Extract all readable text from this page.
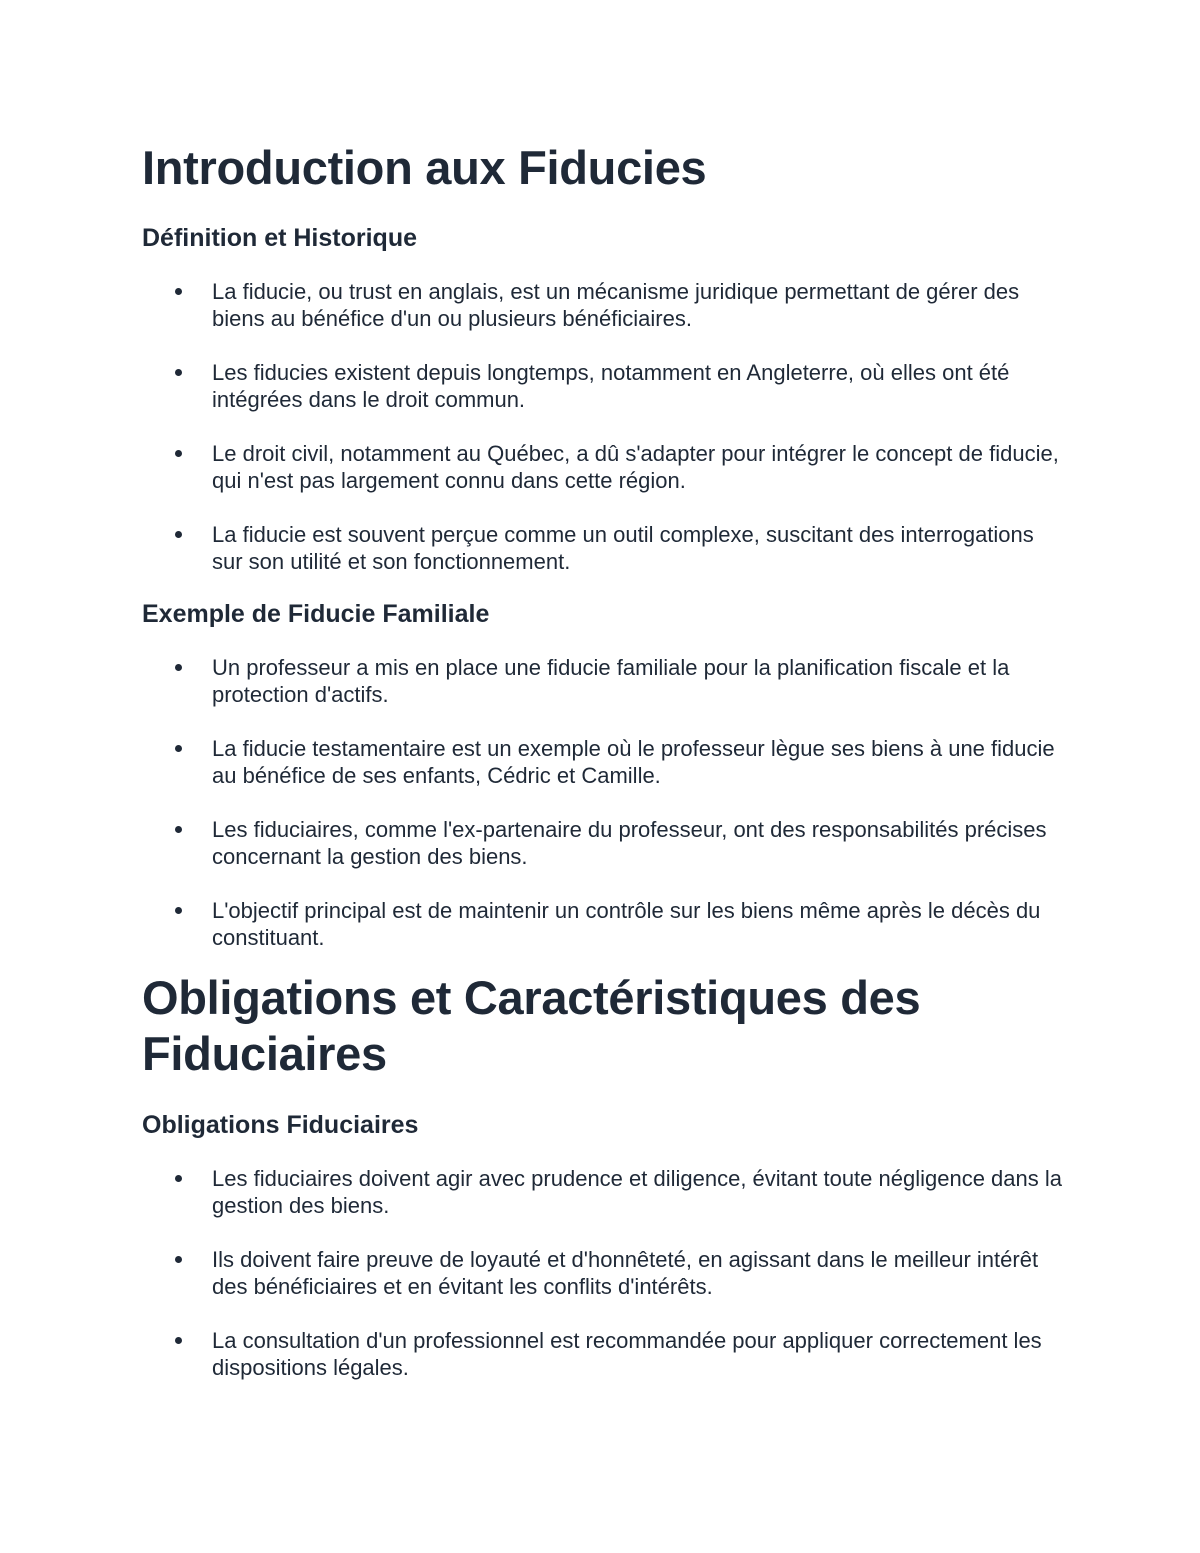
Introduction aux Fiducies
Définition et Historique
La fiducie, ou trust en anglais, est un mécanisme juridique permettant de gérer des biens au bénéfice d'un ou plusieurs bénéficiaires.
Les fiducies existent depuis longtemps, notamment en Angleterre, où elles ont été intégrées dans le droit commun.
Le droit civil, notamment au Québec, a dû s'adapter pour intégrer le concept de fiducie, qui n'est pas largement connu dans cette région.
La fiducie est souvent perçue comme un outil complexe, suscitant des interrogations sur son utilité et son fonctionnement.
Exemple de Fiducie Familiale
Un professeur a mis en place une fiducie familiale pour la planification fiscale et la protection d'actifs.
La fiducie testamentaire est un exemple où le professeur lègue ses biens à une fiducie au bénéfice de ses enfants, Cédric et Camille.
Les fiduciaires, comme l'ex-partenaire du professeur, ont des responsabilités précises concernant la gestion des biens.
L'objectif principal est de maintenir un contrôle sur les biens même après le décès du constituant.
Obligations et Caractéristiques des Fiduciaires
Obligations Fiduciaires
Les fiduciaires doivent agir avec prudence et diligence, évitant toute négligence dans la gestion des biens.
Ils doivent faire preuve de loyauté et d'honnêteté, en agissant dans le meilleur intérêt des bénéficiaires et en évitant les conflits d'intérêts.
La consultation d'un professionnel est recommandée pour appliquer correctement les dispositions légales.
